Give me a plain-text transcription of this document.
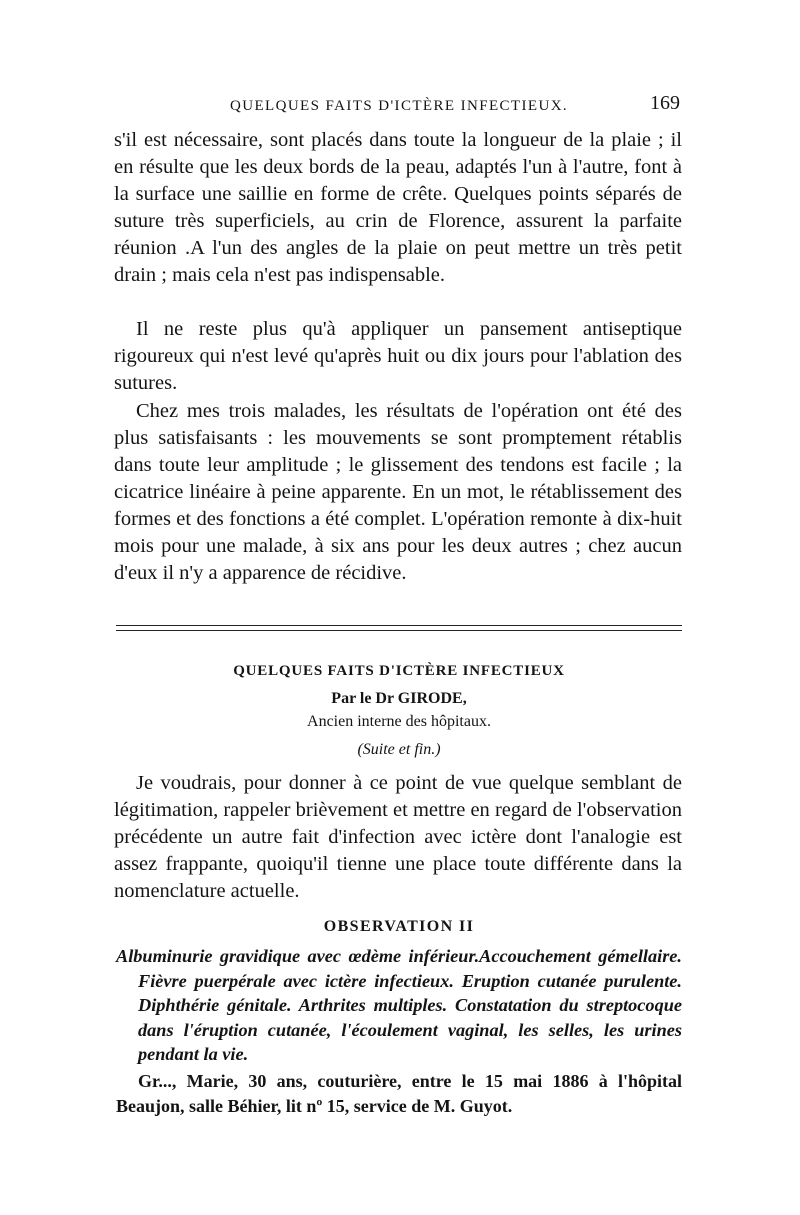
QUELQUES FAITS D'ICTÈRE INFECTIEUX.	169

s'il est nécessaire, sont placés dans toute la longueur de la plaie ; il en résulte que les deux bords de la peau, adaptés l'un à l'autre, font à la surface une saillie en forme de crête. Quelques points séparés de suture très superficiels, au crin de Florence, assurent la parfaite réunion .A l'un des angles de la plaie on peut mettre un très petit drain ; mais cela n'est pas indispensable.

Il ne reste plus qu'à appliquer un pansement antiseptique rigoureux qui n'est levé qu'après huit ou dix jours pour l'ablation des sutures.

Chez mes trois malades, les résultats de l'opération ont été des plus satisfaisants : les mouvements se sont promptement rétablis dans toute leur amplitude ; le glissement des tendons est facile ; la cicatrice linéaire à peine apparente. En un mot, le rétablissement des formes et des fonctions a été complet. L'opération remonte à dix-huit mois pour une malade, à six ans pour les deux autres ; chez aucun d'eux il n'y a apparence de récidive.

QUELQUES FAITS D'ICTÈRE INFECTIEUX
Par le Dr GIRODE,
Ancien interne des hôpitaux.
(Suite et fin.)

Je voudrais, pour donner à ce point de vue quelque semblant de légitimation, rappeler brièvement et mettre en regard de l'observation précédente un autre fait d'infection avec ictère dont l'analogie est assez frappante, quoiqu'il tienne une place toute différente dans la nomenclature actuelle.

OBSERVATION II

Albuminurie gravidique avec œdème inférieur.Accouchement gémellaire. Fièvre puerpérale avec ictère infectieux. Eruption cutanée purulente. Diphthérie génitale. Arthrites multiples. Constatation du streptocoque dans l'éruption cutanée, l'écoulement vaginal, les selles, les urines pendant la vie.

Gr..., Marie, 30 ans, couturière, entre le 15 mai 1886 à l'hôpital Beaujon, salle Béhier, lit nº 15, service de M. Guyot.
